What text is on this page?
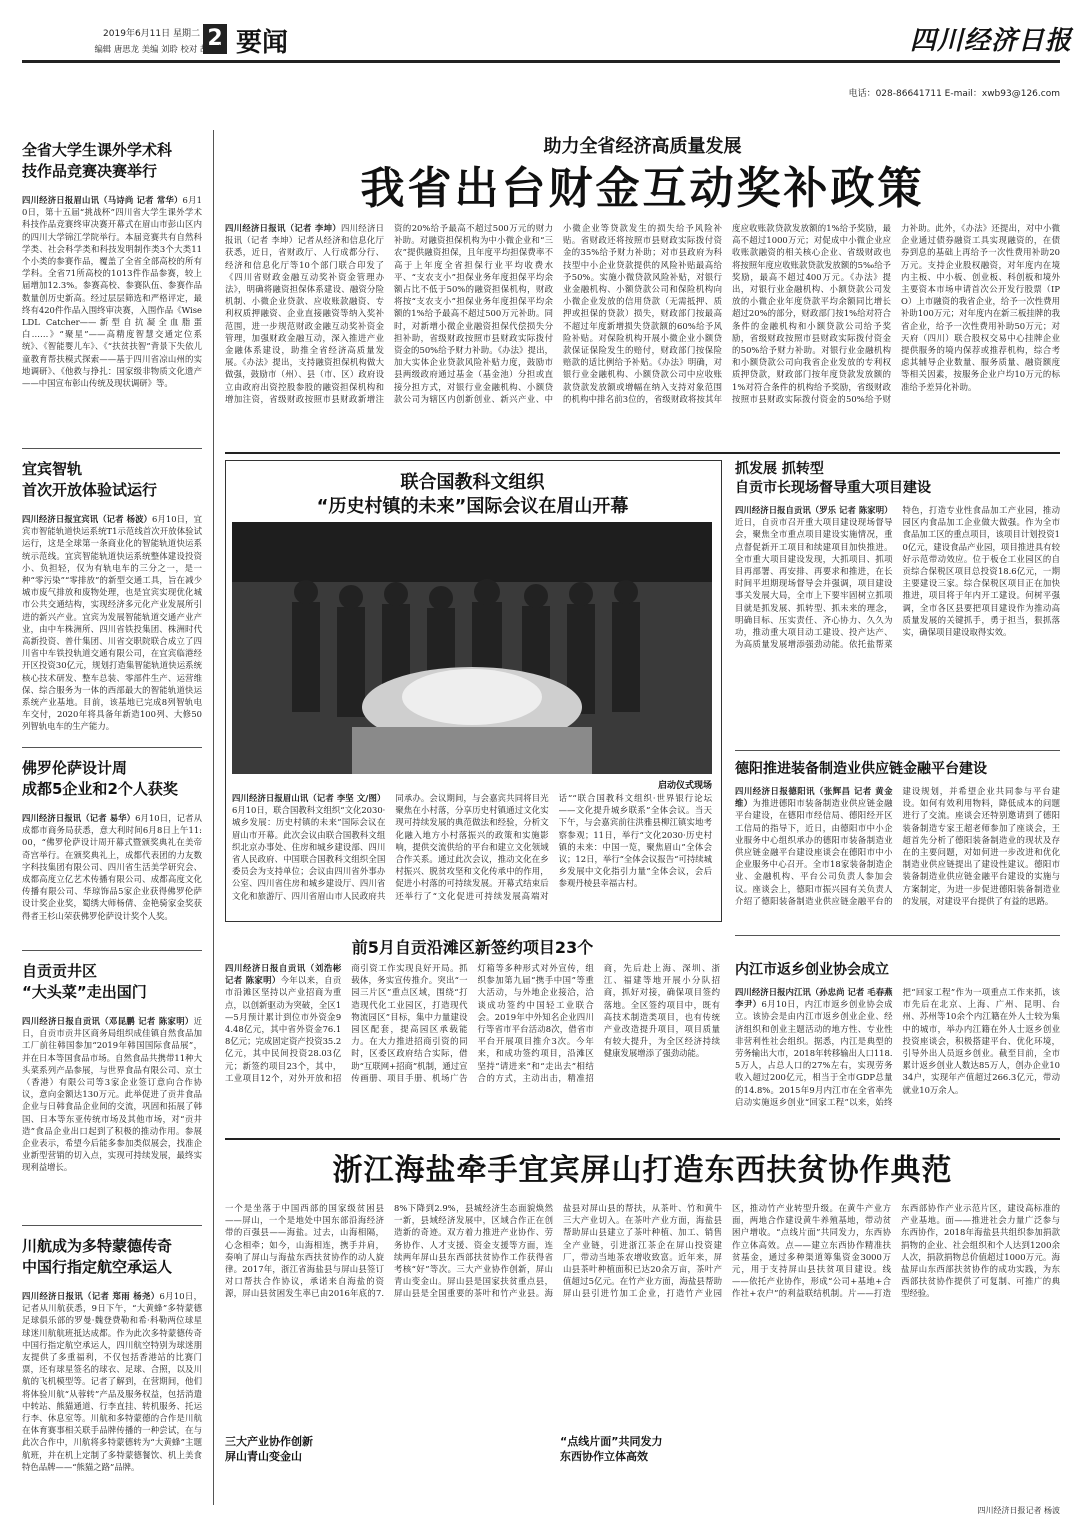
2
2019年6月11日 星期二
编辑 唐思龙 美编 刘聆 校对 胡玉萍 要闻	四川经济日报
电话：028-86641711 E-mail：xwb93@126.com
全省大学生课外学术科
技作品竞赛决赛举行
四川经济日报眉山讯（马诗尚 记者 常华）6月10日，第十五届“挑战杯”四川省大学生课外学术科技作品竞赛终审决赛开幕式在眉山市彭山区内的四川大学锦江学院举行。本届竞赛共有自然科学类、社会科学类和科技发明制作类3个大类11个小类的参赛作品，覆盖了全省全部高校的所有学科。全省71所高校的1013件作品参赛，较上届增加12.3%。参赛高校、参赛队伍、参赛作品数量创历史新高。经过层层筛选和严格评定，最终有420件作品入围终审决赛，入围作品《Wise LDL Catcher——新型自抗凝全血脂蛋白……》“聚星”——高精度智慧交通定位系统》、《智能婴儿车》、《“扶贫扶智”背景下失依儿童教育帮扶模式探索——基于四川省凉山州的实地调研》、《他救与挣扎：国家级非物质文化遗产——中国宣布彰山传统及现状调研》等。
宜宾智轨
首次开放体验试运行
四川经济日报宜宾讯（记者 杨波）6月10日，宜宾市智能轨道快运系统T1示范线首次开放体验试运行，这是全球第一条商业化的智能轨道快运系统示范线。宜宾智能轨道快运系统整体建设投资小、负担轻，仅为有轨电车的三分之一，是一种“零污染”“零排放”的新型交通工具，旨在减少城市废气排放和废物处理，也是宜宾实现优化城市公共交通结构，实现经济多元化产业发展所引进的新兴产业。宜宾为发展智能轨道交通产业产业，由中车株洲所、四川省铁投集团、株洲时代高新投资、普什集团、川省交职院联合成立了四川省中车铁投轨道交通有限公司，在宜宾临港经开区投资30亿元，规划打造集智能轨道快运系统核心技术研发、整车总装、零部件生产、运营维保、综合服务为一体的西部最大的智能轨道快运系统产业基地。目前，该基地已完成8列智轨电车交付，2020年将具备年新造100列、大修50列智轨电车的生产能力。
佛罗伦萨设计周
成都5企业和2个人获奖
四川经济日报讯（记者 易华）6月10日，记者从成都市商务局获悉，意大利时间6月8日上午11:00，“佛罗伦萨设计周开幕式暨颁奖典礼在美帝奇宫举行。在颁奖典礼上，成都代表团的力友数字科技集团有限公司、四川省生活美学研究会、成都高度立亿艺术传播有限公司、成都高度文化传播有限公司、华琼饰品5家企业获得佛罗伦萨设计奖企业奖，蜀绣大师杨倩、金艳骑家金奖获得者王杉山荣获佛罗伦萨设计奖个人奖。
自贡贡井区
“大头菜”走出国门
四川经济日报自贡讯（邓昆鹏 记者 陈家明）近日，自贡市贡井区商务局组织成佳镇自然食品加工厂前往韩国参加“2019年韩国国际食品展”，并在日本等国食品市场。自然食品共携带11种大头菜系列产品参展，与世界食品有限公司、京士（香港）有限公司等3家企业签订意向合作协议，意向金额达130万元。此举促进了贡井食品企业与日韩食品企业间的交流，巩固和拓展了韩国、日本等东亚传统市场及其他市场，对“贡井造”食品企业出口起到了积极的推动作用。参展企业表示，希望今后能多参加类似展会，找准企业新型营销的切入点，实现可持续发展，最终实现利益增长。
川航成为多特蒙德传奇
中国行指定航空承运人
四川经济日报讯（记者 郑雨 杨尧）6月10日，记者从川航获悉，9日下午，“大黄蜂”多特蒙德足球俱乐部的罗曼·魏登费勒和希·科勒两位球星球迷川航航班抵达成都。作为此次多特蒙德传奇中国行指定航空承运人，四川航空特别为球迷朋友提供了多重福利，不仅包括香港站的比赛门票，还有球星签名的球衣、足球、合照，以及川航的飞机模型等。记者了解到，在营期间，他们将体验川航“从蓉转”产品及服务权益，包括消遣中转站、熊猫通道、行李直挂、转机服务、托运行李、休息室等。川航和多特蒙德的合作是川航在体育赛事相关联手品牌传播的一种尝试，在与此次合作中，川航将多特蒙德转为“大黄蜂”主题航班，并在机上定制了多特蒙德餐饮、机上美食特色品牌——“熊猫之路”品牌。
助力全省经济高质量发展
我省出台财金互动奖补政策
四川经济日报讯（记者 李坤）四川经济日报讯（记者 李坤）记者从经济和信息化厅获悉，近日，省财政厅、人行成都分行、经济和信息化厅等10个部门联合印发了《四川省财政金融互动奖补资金管理办法》，明确将融资担保体系建设、融资分险机制、小微企业贷款、应收账款融资、专利权质押融资、企业直接融资等纳入奖补范围，进一步规范财政金融互动奖补资金管理，加强财政金融互动，深入推进产业金融体系建设，助推全省经济高质量发展。《办法》提出，支持融资担保机构做大做强，鼓励市（州）、县（市、区）政府设立由政府出资控股参股的融资担保机构和增加注资，省级财政按照市县财政新增注资的20%给予最高不超过500万元的财力补助。对融资担保机构为中小微企业和“三农”提供融资担保，且年度平均担保费率不高于上年度全省担保行业平均收费水平、“支农支小”担保业务年度担保平均余额占比不低于50%的融资担保机构，财政将按“支农支小”担保业务年度担保平均余额的1%给予最高不超过500万元补助。同时，对新增小微企业融资担保代偿损失分担补助，省级财政按照市县财政实际拨付资金的50%给予财力补助。《办法》提出，加大实体企业贷款风险补贴力度，鼓励市县两级政府通过基金（基金池）分担或直接分担方式，对银行业金融机构、小额贷款公司为辖区内创新创业、新兴产业、中小微企业等贷款发生的损失给予风险补贴。省财政还将按照市县财政实际拨付资金的35%给予财力补助；对市县政府为科技型中小企业贷款提供的风险补贴最高给予50%。实施小微贷款风险补贴，对银行业金融机构、小额贷款公司和保险机构向小微企业发放的信用贷款（无需抵押、质押或担保的贷款）损失，财政部门按最高不超过年度新增损失贷款额的60%给予风险补贴。对保险机构开展小微企业小额贷款保证保险发生的赔付，财政部门按保险赔款的适比例给予补贴。《办法》明确，对银行业金融机构、小额贷款公司中应收账款贷款发放额或增幅在纳入支持对象范围的机构中排名前3位的，省级财政将按其年度应收账款贷款发放额的1%给予奖励，最高不超过1000万元；对促成中小微企业应收账款融资的相关核心企业、省级财政也将按照年度应收账款贷款发放额的5‰给予奖励，最高不超过400万元。《办法》提出，对银行业金融机构、小额贷款公司发放的小微企业年度贷款平均余额同比增长超过20%的部分，财政部门按1%给对符合条件的金融机构和小额贷款公司给予奖励，省级财政按照市县财政实际拨付资金的50%给予财力补助。对银行业金融机构和小额贷款公司向我省企业发放的专利权质押贷款，财政部门按年度贷款发放额的1%对符合条件的机构给予奖励，省级财政按照市县财政实际拨付资金的50%给予财力补助。此外，《办法》还提出，对中小微企业通过债券融资工具实现融资的，在债券到息的基础上再给予一次性费用补助20万元。支持企业股权融资，对年度内在境内主板、中小板、创业板、科创板和境外主要资本市场申请首次公开发行股票（IPO）上市融资的我省企业，给予一次性费用补助100万元；对年度内在新三板挂牌的我省企业，给予一次性费用补助50万元；对天府（四川）联合股权交易中心挂牌企业提供服务的境内保荐或推荐机构，综合考虑其辅导企业数量、服务质量、融资额度等相关因素，按服务企业户均10万元的标准给予差异化补助。
联合国教科文组织
“历史村镇的未来”国际会议在眉山开幕
启动仪式现场
四川经济日报眉山讯（记者 李坚 文/图）6月10日，联合国教科文组织“文化2030·城乡发展：历史村镇的未来”国际会议在眉山市开幕。此次会议由联合国教科文组织北京办事处、住房和城乡建设部、四川省人民政府、中国联合国教科文组织全国委员会为支持单位；会议由四川省外事办公室、四川省住房和城乡建设厅、四川省文化和旅游厅、四川省眉山市人民政府共同承办。会议期间，与会嘉宾共同将目光聚焦在小村落，分享历史村镇通过文化实现可持续发展的典范做法和经验，分析文化融入地方小村落振兴的政策和实施影响，提供交流供给的平台和建立文化领域合作关系。通过此次会议，推动文化在乡村振兴、脱贫攻坚和文化传承中的作用，促进小村落的可持续发展。开幕式结束后还举行了“文化促进可持续发展高端对话”“联合国教科文组织·世界银行论坛——文化提升城乡联系”全体会议。当天下午，与会嘉宾前往洪雅县柳江镇实地考察参观；11日，举行“文化2030·历史村镇的未来：中国一览，聚焦眉山”全体会议；12日，举行“全体会议报告“可持续城乡发展中文化指引力量”全体会议，会后参观丹棱县幸福古村。
抓发展 抓转型
自贡市长现场督导重大项目建设
四川经济日报自贡讯（罗乐 记者 陈家明）近日，自贡市召开重大项目建设现场督导会，聚焦全市重点项目建设实施情况，重点督促新开工项目和续建项目加快推进。全市重大项目建设发现，大抓项目、抓项目再部署、再安排、再要求和推进，在长时间平坦期现场督导会并强调，项目建设事关发展大局，全市上下要牢固树立抓项目就是抓发展、抓转型、抓未来的理念，明确目标、压实责任、齐心协力、久久为功，推动重大项目动工建设、投产达产、为高质量发展增添强劲动能。依托盐帮菜特色，打造专业性食品加工产业园，推动园区内食品加工企业做大做强。作为全市食品加工区的重点项目，该项目计划投资10亿元，建设食品产业园，项目推进具有较好示范带动效应。位于板仓工业园区的自贡综合保税区项目总投资18.6亿元，一期主要建设三家。综合保税区项目正在加快推进，项目将于年内开工建设。何树平强调，全市各区县要把项目建设作为推动高质量发展的关键抓手，勇于担当，狠抓落实，确保项目建设取得实效。
德阳推进装备制造业供应链金融平台建设
四川经济日报德阳讯（张辉昌 记者 黄金维）为推进德阳市装备制造业供应链金融平台建设，在德阳市经信局、德阳经开区工信局的指导下，近日，由德阳市中小企业服务中心组织承办的德阳市装备制造业供应链金融平台建设座谈会在德阳市中小企业服务中心召开。全市18家装备制造企业、金融机构、平台公司负责人参加会议。座谈会上，德阳市振兴园有关负责人介绍了德阳装备制造业供应链金融平台的建设规划，并希望企业共同参与平台建设。如何有效利用物料，降低成本的问题进行了交流。座谈会还特别邀请到了德阳装备制造专家王超老师参加了座谈会，王超首先分析了德阳装备制造业的现状及存在的主要问题，对如何进一步改进和优化制造业供应链提出了建设性建议。德阳市装备制造业供应链金融平台建设的实施与方案制定，为进一步促进德阳装备制造业的发展，对建设平台提供了有益的思路。
内江市返乡创业协会成立
四川经济日报内江讯（孙忠尚 记者 毛春燕 李尹）6月10日，内江市返乡创业协会成立。该协会是由内江市返乡创业企业、经济组织和创业主题活动的地方性、专业性非营利性社会组织。据悉，内江是典型的劳务输出大市，2018年转移输出人口118.5万人，占总人口的27%左右，实现劳务收入超过200亿元，相当于全市GDP总量的14.8%。2015年9月内江市在全省率先启动实施返乡创业“回家工程”以来，始终把“回家工程”作为一项重点工作来抓，该市先后在北京、上海、广州、昆明、台州、苏州等10余个内江籍在外人士较为集中的城市，举办内江籍在外人士返乡创业投资座谈会，积极搭建平台、优化环境，引导外出人员返乡创业。截至目前，全市累计返乡创业人数达85万人，创办企业1034户，实现年产值超过266.3亿元，带动就业10万余人。
前5月自贡沿滩区新签约项目23个
四川经济日报自贡讯（刘浩彬 记者 陈家明）今年以来，自贡市沿滩区坚持以产业招商为重点，以创新驱动为突破，全区1—5月预计累计到位市外资金94.48亿元，其中省外资金76.18亿元；完成固定资产投资35.2亿元，其中民间投资28.03亿元；新签约项目23个，其中，工业项目12个，对外开放和招商引资工作实现良好开局。抓载体，务实宣传推介。突出“一园三片区”重点区域，围绕“打造现代化工业园区，打造现代物流园区”目标，集中力量建设园区配套，提高园区承载能力。在大力推进招商引资的同时，区委区政府结合实际，借助“互联网+招商”机制，通过宣传画册、项目手册、机场广告灯箱等多种形式对外宣传，组织参加第九届“携手中国”等重大活动，与外地企业接洽，洽谈成功签约中国轻工业联合会。2019年中外知名企业四川行等省市平台活动8次，借省市平台开展项目推介3次。今年来，和成功签约项目，沿滩区坚持“请进来”和“走出去”相结合的方式，主动出击，精准招商，先后赴上海、深圳、浙江、福建等地开展小分队招商，抓好对接，确保项目签约落地。全区签约项目中，既有高技术制造类项目，也有传统产业改造提升项目，项目质量有较大提升，为全区经济持续健康发展增添了强劲动能。
浙江海盐牵手宜宾屏山打造东西扶贫协作典范
一个是坐落于中国西部的国家级贫困县——屏山，一个是地处中国东部沿海经济带的百强县——海盐。过去，山海相隔，心念相牵；如今，山海相连，携手并肩，奏响了屏山与海盐东西扶贫协作的动人旋律。2017年，浙江省海盐县与屏山县签订对口帮扶合作协议，承诺来自海盐的资源，屏山县贫困发生率已由2016年底的7.8%下降到2.9%，县城经济生态面貌焕然一新，县域经济发展中，区域合作正在创造新的奇迹。双方着力推进产业协作、劳务协作、人才支援、资金支援等方面，连续两年屏山县东西部扶贫协作工作获得省考核“好”等次。三大产业协作创新，屏山青山变金山。屏山县是国家扶贫重点县，屏山县是全国重要的茶叶和竹产业县。海盐县对屏山县的帮扶，从茶叶、竹和黄牛三大产业切入。在茶叶产业方面，海盐县帮助屏山县建立了茶叶种植、加工、销售全产业链，引进浙江茶企在屏山投资建厂，带动当地茶农增收致富。近年来，屏山县茶叶种植面积已达20余万亩，茶叶产值超过5亿元。在竹产业方面，海盐县帮助屏山县引进竹加工企业，打造竹产业园区，推动竹产业转型升级。在黄牛产业方面，两地合作建设黄牛养殖基地，带动贫困户增收。“点线片面”共同发力，东西协作立体高效。点——建立东西协作精准扶贫基金，通过多种渠道筹集资金3000万元，用于支持屏山县扶贫项目建设。线——依托产业协作，形成“公司+基地+合作社+农户”的利益联结机制。片——打造东西部协作产业示范片区，建设高标准的产业基地。面——推进社会力量广泛参与东西协作，2018年海盐县共组织参加捐款捐物的企业、社会组织和个人达到1200余人次，捐款捐物总价值超过1000万元。海盐屏山东西部扶贫协作的成功实践，为东西部扶贫协作提供了可复制、可推广的典型经验。
三大产业协作创新
屏山青山变金山
“点线片面”共同发力
东西协作立体高效
四川经济日报记者 杨波
